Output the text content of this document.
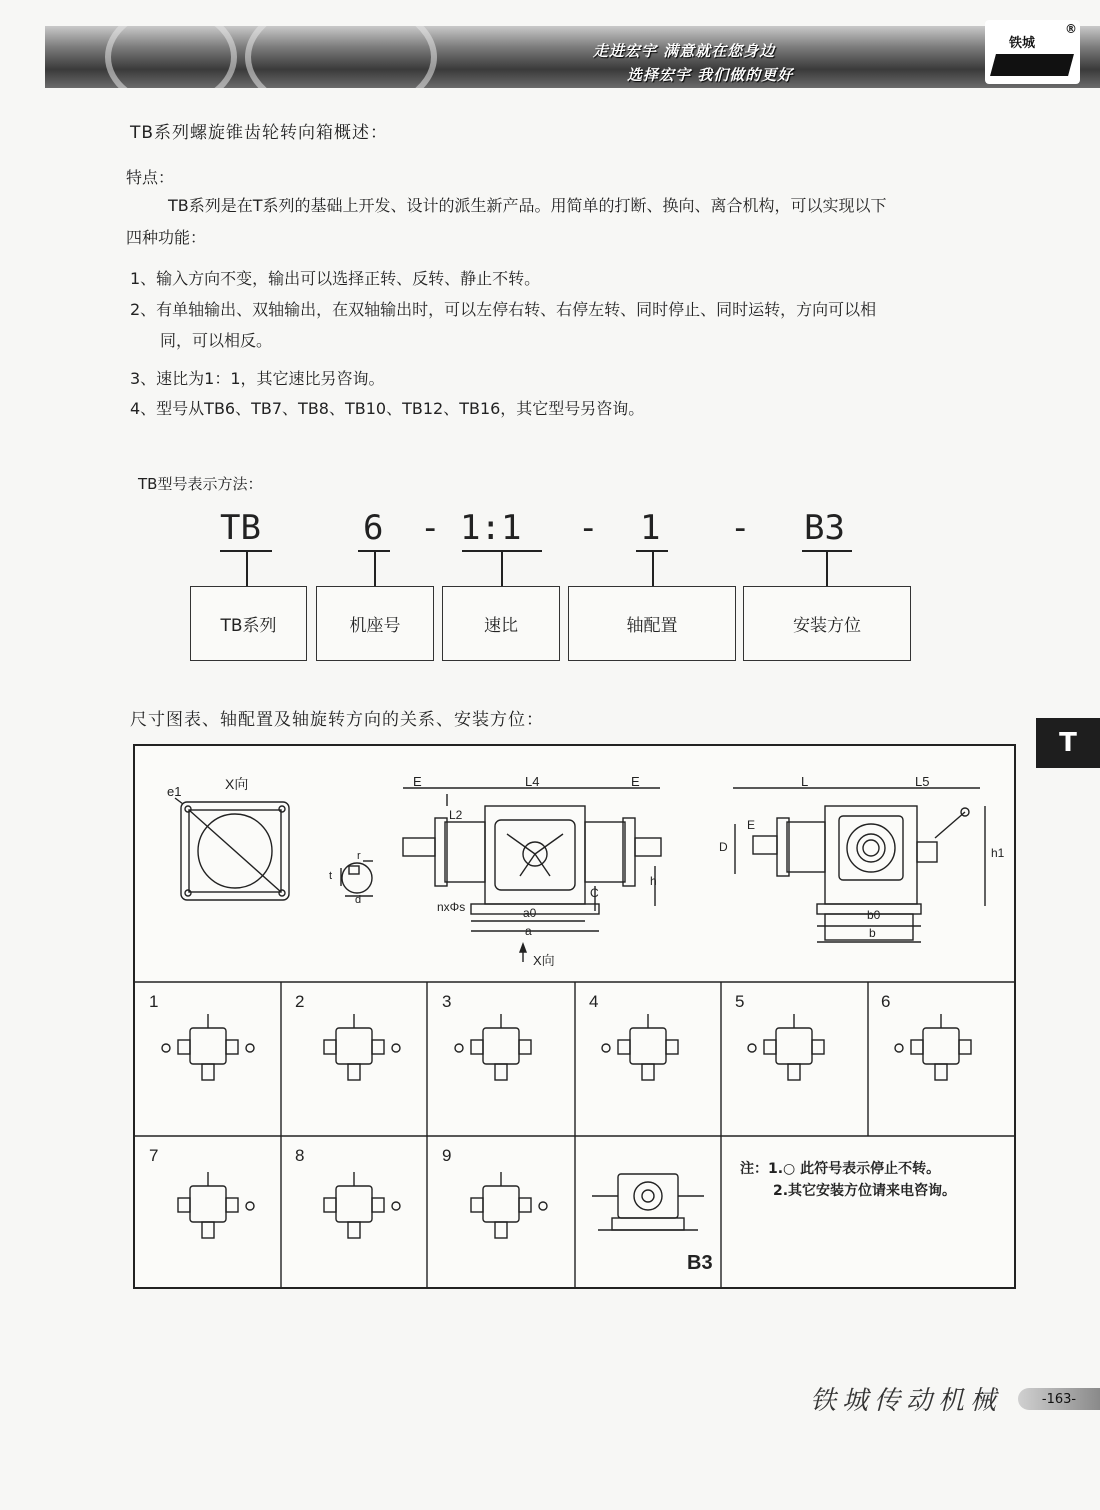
走进宏宇 满意就在您身边
选择宏宇 我们做的更好
铁城
®
TB系列螺旋锥齿轮转向箱概述：
特点：
TB系列是在T系列的基础上开发、设计的派生新产品。用简单的打断、换向、离合机构，可以实现以下
四种功能：
1、输入方向不变，输出可以选择正转、反转、静止不转。
2、有单轴输出、双轴输出，在双轴输出时，可以左停右转、右停左转、同时停止、同时运转，方向可以相
同，可以相反。
3、速比为1：1，其它速比另咨询。
4、型号从TB6、TB7、TB8、TB10、TB12、TB16，其它型号另咨询。
TB型号表示方法：
TB	6 - 1:1 - 1 - B3
TB系列	机座号	速比	轴配置	安装方位
尺寸图表、轴配置及轴旋转方向的关系、安装方位：
X向
e1
E	L4	E	L	L5
L2
h
h1
D
E
C
a0
a
b0
b
nxΦs
r
t
d
X向
1	2	3	4	5	6
7	8	9
B3
注：1.○ 此符号表示停止不转。
2.其它安装方位请来电咨询。
T
铁城传动机械	-163-
